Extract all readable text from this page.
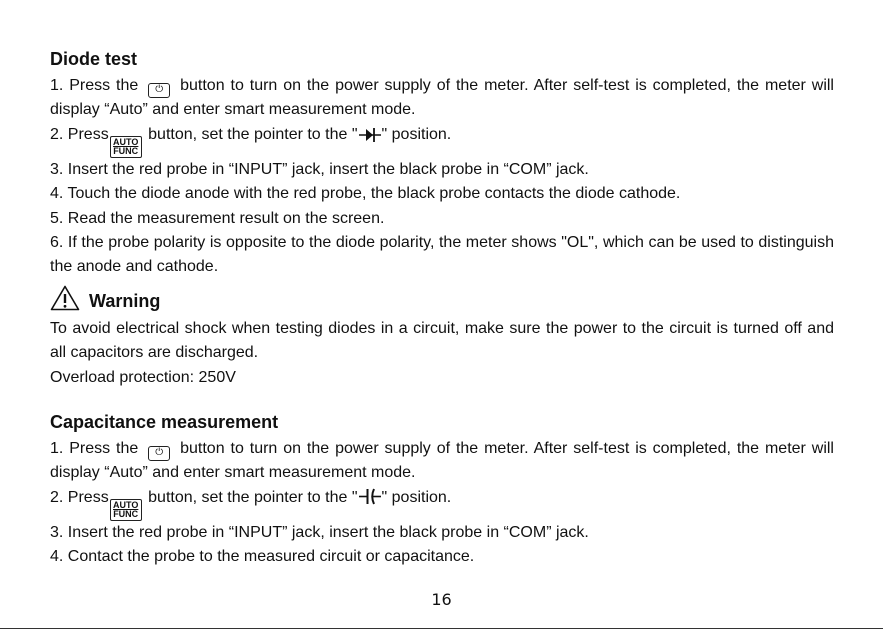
Diode test

1. Press the ⏻ button to turn on the power supply of the meter. After self-test is completed, the meter will display “Auto” and enter smart measurement mode.

2. Press AUTO
FUNC
button, set the pointer to the " " position.

3. Insert the red probe in “INPUT” jack, insert the black probe in “COM” jack.

4. Touch the diode anode with the red probe, the black probe contacts the diode cathode.

5. Read the measurement result on the screen.

6. If the probe polarity is opposite to the diode polarity, the meter shows "OL", which can be used to distinguish the anode and cathode.

Warning

To avoid electrical shock when testing diodes in a circuit, make sure the power to the circuit is turned off and all capacitors are discharged.

Overload protection: 250V

Capacitance measurement

1. Press the ⏻ button to turn on the power supply of the meter. After self-test is completed, the meter will display “Auto” and enter smart measurement mode.

2. Press AUTO
FUNC
button, set the pointer to the " " position.

3. Insert the red probe in “INPUT” jack, insert the black probe in “COM” jack.

4. Contact the probe to the measured circuit or capacitance.

16
